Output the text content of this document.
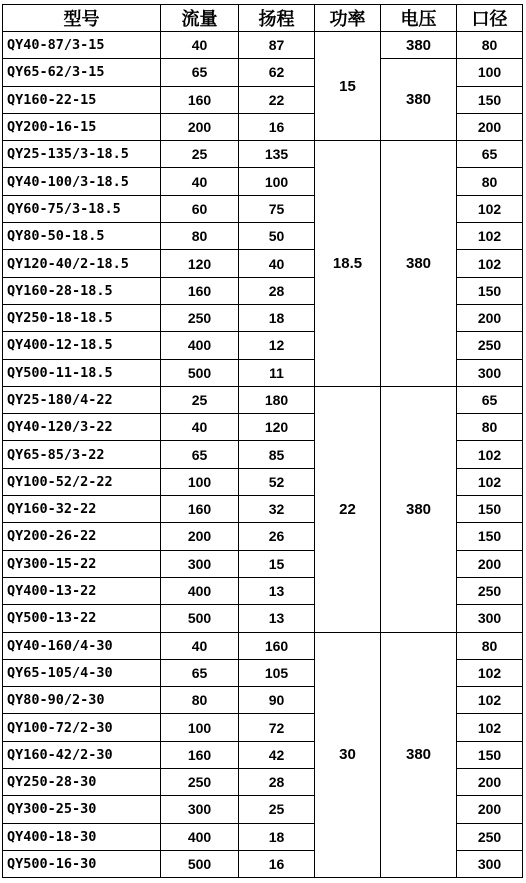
型号	流量	扬程	功率	电压	口径
QY40-87/3-15	40	87	15	380	80
QY65-62/3-15	65	62		380	100
QY160-22-15	160	22			150
QY200-16-15	200	16			200
QY25-135/3-18.5	25	135	18.5	380	65
QY40-100/3-18.5	40	100			80
QY60-75/3-18.5	60	75			102
QY80-50-18.5	80	50			102
QY120-40/2-18.5	120	40			102
QY160-28-18.5	160	28			150
QY250-18-18.5	250	18			200
QY400-12-18.5	400	12			250
QY500-11-18.5	500	11			300
QY25-180/4-22	25	180	22	380	65
QY40-120/3-22	40	120			80
QY65-85/3-22	65	85			102
QY100-52/2-22	100	52			102
QY160-32-22	160	32			150
QY200-26-22	200	26			150
QY300-15-22	300	15			200
QY400-13-22	400	13			250
QY500-13-22	500	13			300
QY40-160/4-30	40	160	30	380	80
QY65-105/4-30	65	105			102
QY80-90/2-30	80	90			102
QY100-72/2-30	100	72			102
QY160-42/2-30	160	42			150
QY250-28-30	250	28			200
QY300-25-30	300	25			200
QY400-18-30	400	18			250
QY500-16-30	500	16			300
